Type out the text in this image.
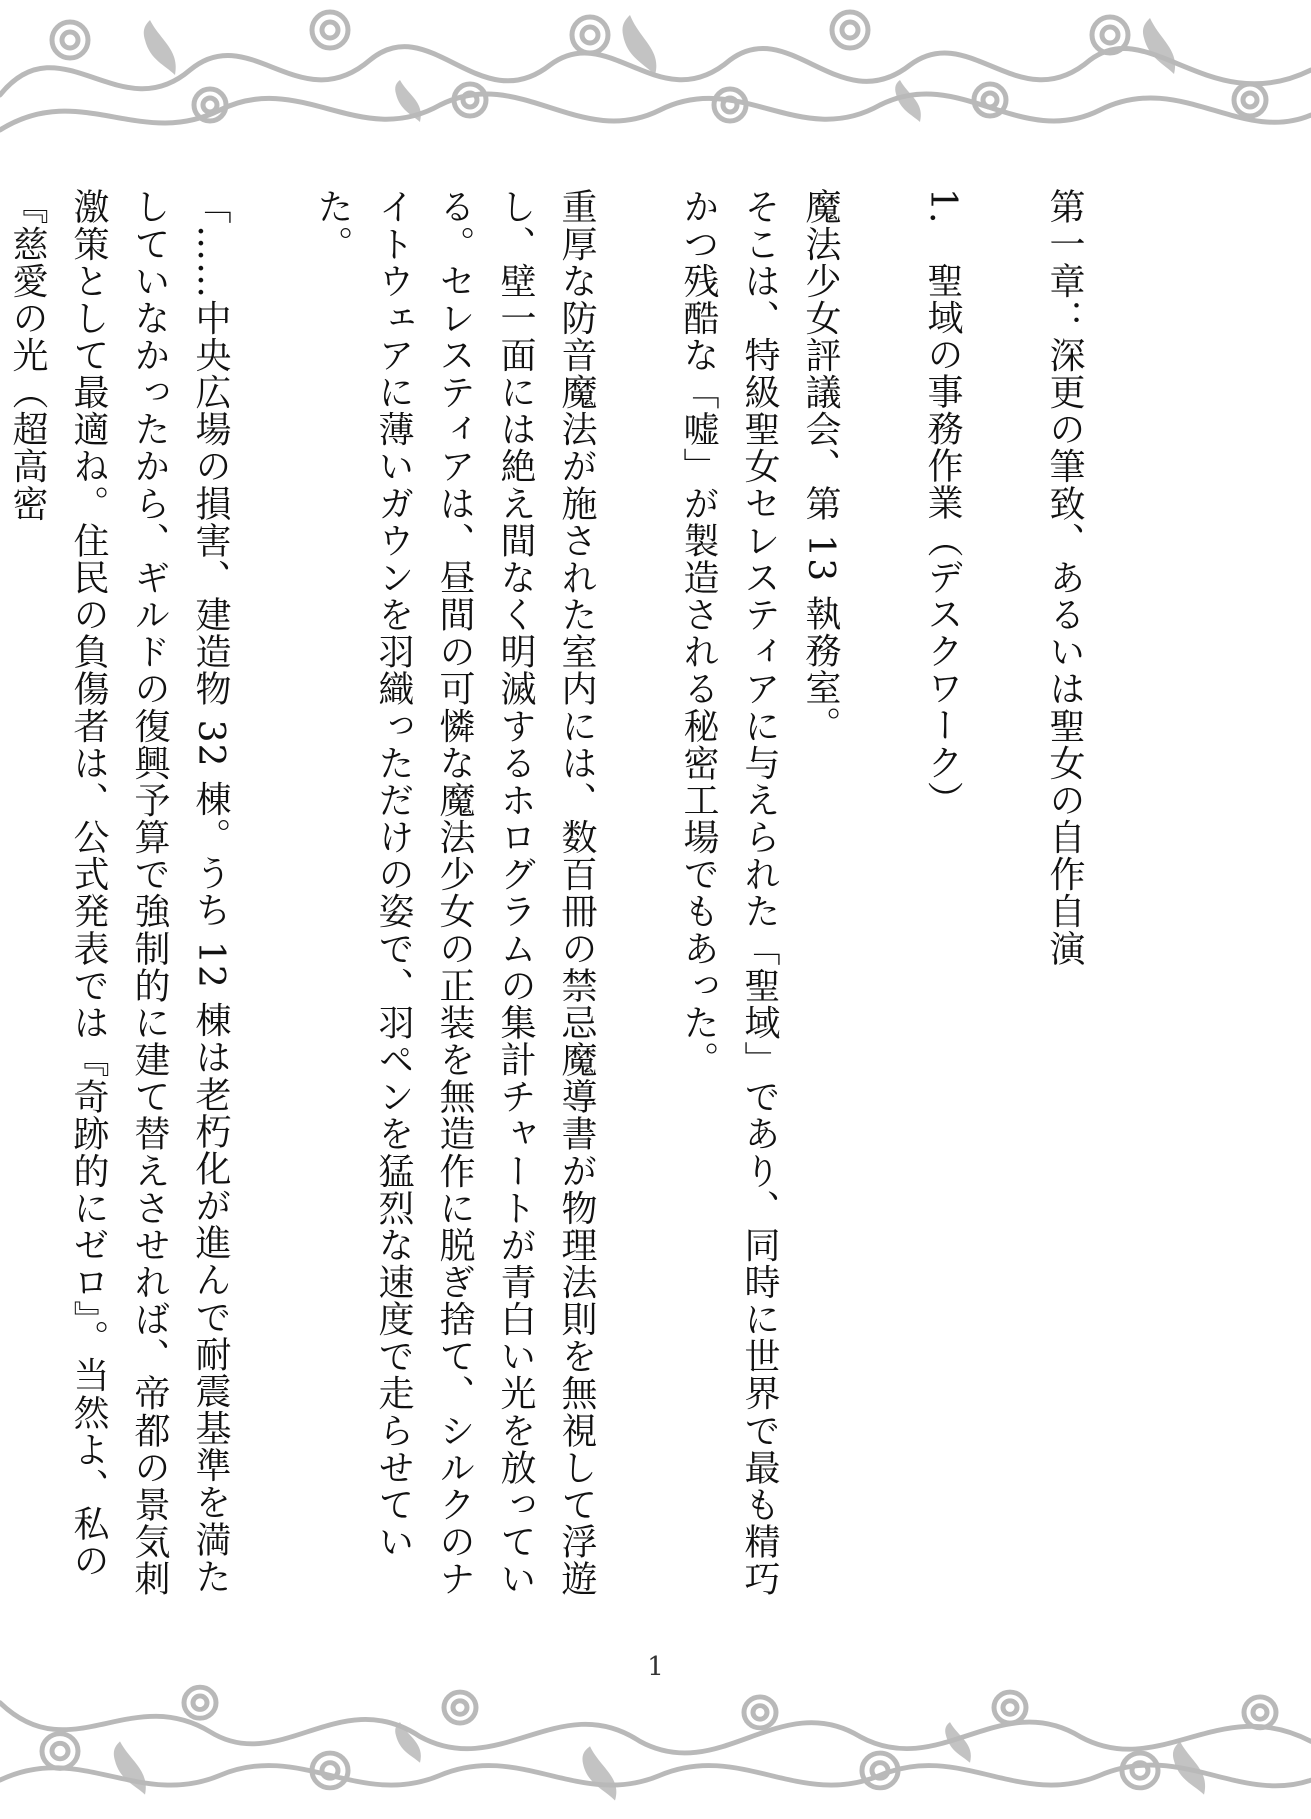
第一章：深更の筆致、あるいは聖女の自作自演

1.　聖域の事務作業（デスクワーク）

魔法少女評議会、第 13 執務室。

そこは、特級聖女セレスティアに与えられた「聖域」であり、同時に世界で最も精巧かつ残酷な「嘘」が製造される秘密工場でもあった。

重厚な防音魔法が施された室内には、数百冊の禁忌魔導書が物理法則を無視して浮遊し、壁一面には絶え間なく明滅するホログラムの集計チャートが青白い光を放っている。セレスティアは、昼間の可憐な魔法少女の正装を無造作に脱ぎ捨て、シルクのナイトウェアに薄いガウンを羽織っただけの姿で、羽ペンを猛烈な速度で走らせていた。

「……中央広場の損害、建造物 32 棟。うち 12 棟は老朽化が進んで耐震基準を満たしていなかったから、ギルドの復興予算で強制的に建て替えさせれば、帝都の景気刺激策として最適ね。住民の負傷者は、公式発表では『奇跡的にゼロ』。当然よ、私の『慈愛の光（超高密

1
